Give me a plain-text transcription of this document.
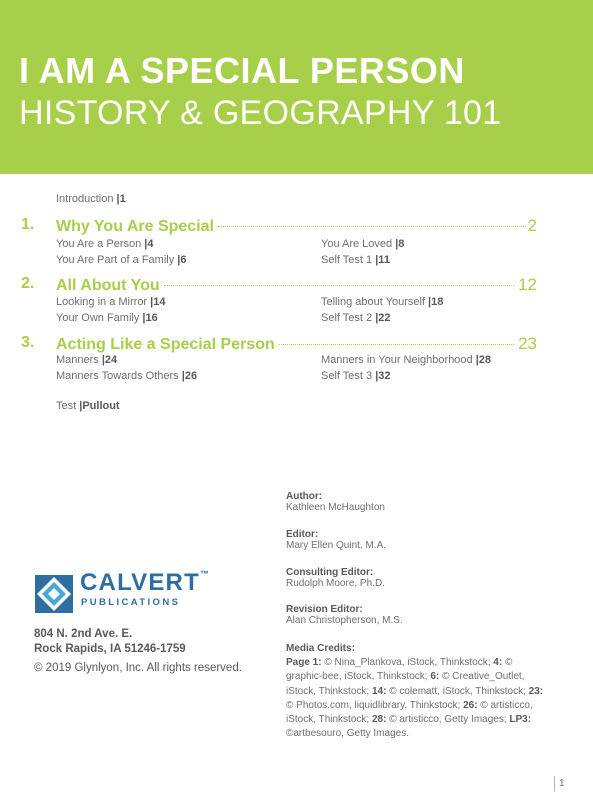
I AM A SPECIAL PERSON
HISTORY & GEOGRAPHY 101
Introduction |1
1. Why You Are Special	2
You Are a Person |4	You Are Loved |8
You Are Part of a Family |6	Self Test 1 |11
2. All About You	12
Looking in a Mirror |14	Telling about Yourself |18
Your Own Family |16	Self Test 2 |22
3. Acting Like a Special Person	23
Manners |24	Manners in Your Neighborhood |28
Manners Towards Others |26	Self Test 3 |32
Test |Pullout
CALVERT™
PUBLICATIONS
804 N. 2nd Ave. E.
Rock Rapids, IA 51246-1759
© 2019 Glynlyon, Inc. All rights reserved.
Author:
Kathleen McHaughton
Editor:
Mary Ellen Quint, M.A.
Consulting Editor:
Rudolph Moore, Ph.D.
Revision Editor:
Alan Christopherson, M.S.
Media Credits:
Page 1: © Nina_Plankova, iStock, Thinkstock; 4: © graphic-bee, iStock, Thinkstock; 6: © Creative_Outlet, iStock, Thinkstock; 14: © colematt, iStock, Thinkstock; 23: © Photos.com, liquidlibrary, Thinkstock; 26: © artisticco, iStock, Thinkstock; 28: © artisticco, Getty Images; LP3: ©artbesouro, Getty Images.
1
